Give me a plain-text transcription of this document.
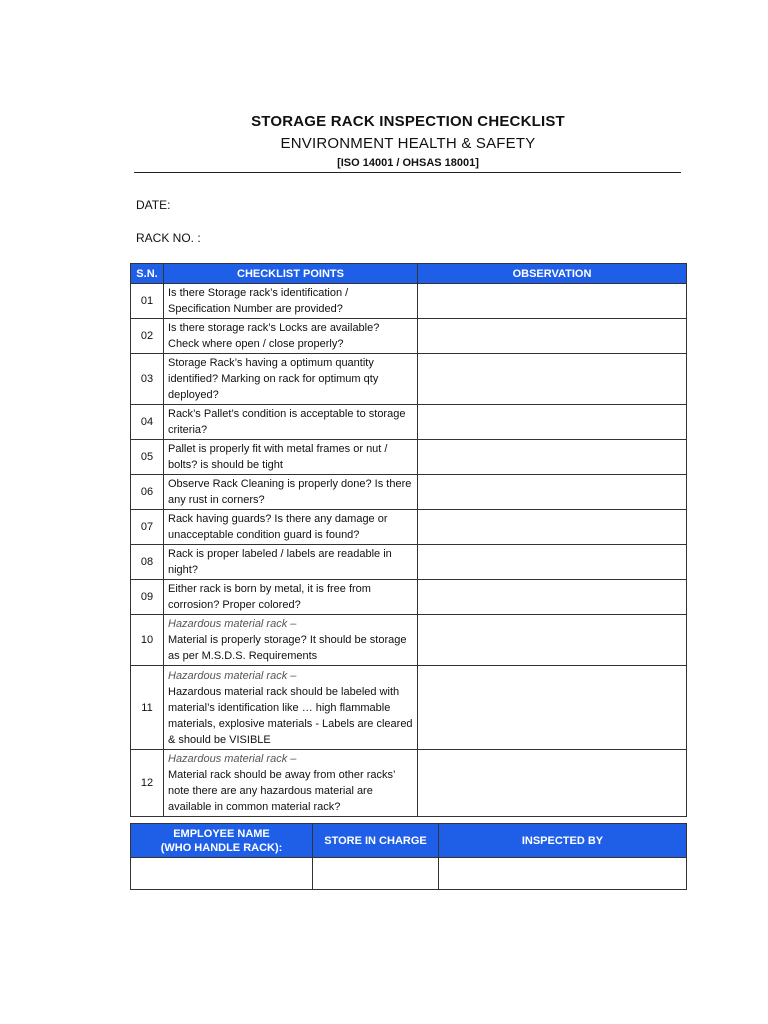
STORAGE RACK INSPECTION CHECKLIST
ENVIRONMENT HEALTH & SAFETY
[ISO 14001 / OHSAS 18001]
DATE:
RACK NO. :
S.N.	CHECKLIST POINTS	OBSERVATION
01	Is there Storage rack’s identification / Specification Number are provided?	

02	Is there storage rack’s Locks are available? Check where open / close properly?	

03	Storage Rack’s having a optimum quantity identified? Marking on rack for optimum qty deployed?	

04	Rack’s Pallet’s condition is acceptable to storage criteria?	

05	Pallet is properly fit with metal frames or nut / bolts? is should be tight	

06	Observe Rack Cleaning is properly done? Is there any rust in corners?	

07	Rack having guards? Is there any damage or unacceptable condition guard is found?	

08	Rack is proper labeled / labels are readable in night?	

09	Either rack is born by metal, it is free from corrosion? Proper colored?	

10	Hazardous material rack –
Material is properly storage? It should be storage as per M.S.D.S. Requirements	

11	Hazardous material rack –
Hazardous material rack should be labeled with material’s identification like … high flammable materials, explosive materials - Labels are cleared & should be VISIBLE	

12	Hazardous material rack –
Material rack should be away from other racks’ note there are any hazardous material are available in common material rack?	

EMPLOYEE NAME
(WHO HANDLE RACK):	STORE IN CHARGE	INSPECTED BY
